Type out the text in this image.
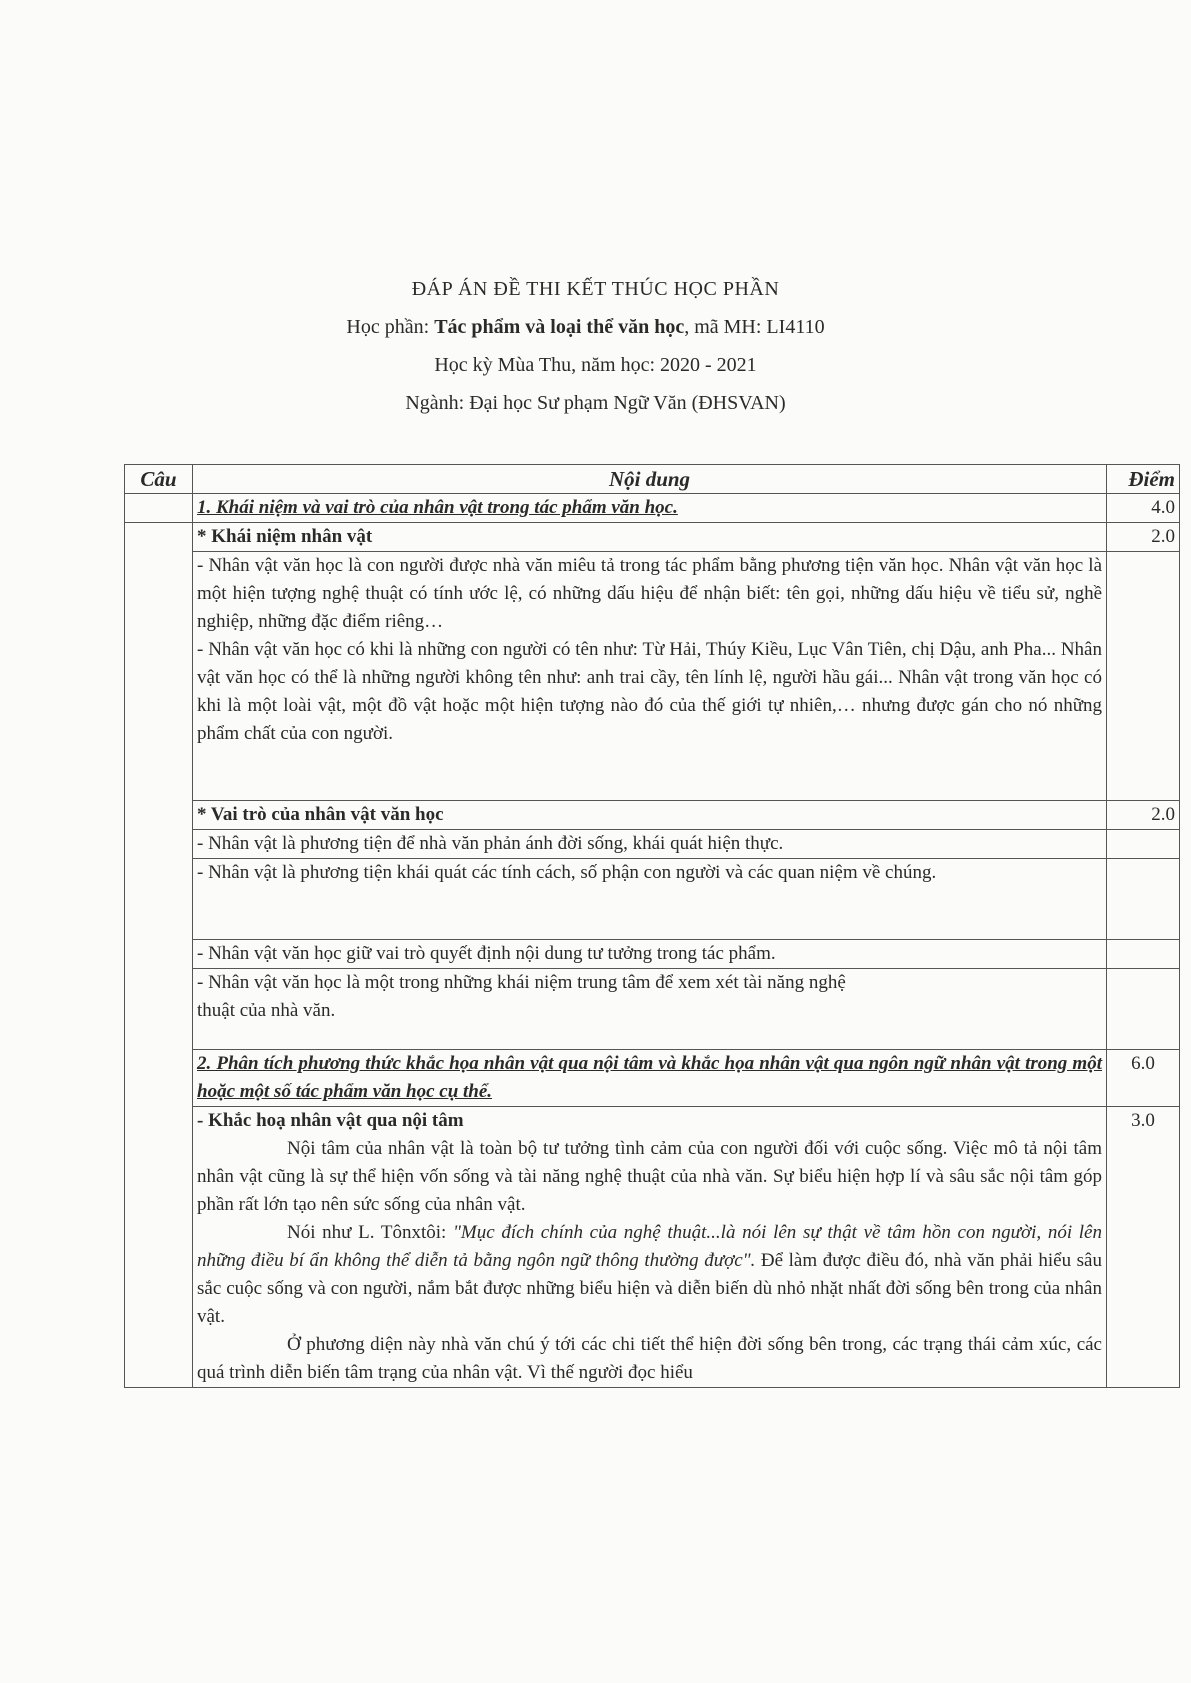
ĐÁP ÁN ĐỀ THI KẾT THÚC HỌC PHẦN
Học phần: Tác phẩm và loại thể văn học, mã MH: LI4110
Học kỳ Mùa Thu, năm học: 2020 - 2021
Ngành: Đại học Sư phạm Ngữ Văn (ĐHSVAN)
Câu	Nội dung	Điểm
	1. Khái niệm và vai trò của nhân vật trong tác phẩm văn học.	4.0
	* Khái niệm nhân vật	2.0

	- Nhân vật văn học là con người được nhà văn miêu tả trong tác phẩm bằng phương tiện văn học. Nhân vật văn học là một hiện tượng nghệ thuật có tính ước lệ, có những dấu hiệu để nhận biết: tên gọi, những dấu hiệu về tiểu sử, nghề nghiệp, những đặc điểm riêng…
- Nhân vật văn học có khi là những con người có tên như: Từ Hải, Thúy Kiều, Lục Vân Tiên, chị Dậu, anh Pha... Nhân vật văn học có thể là những người không tên như: anh trai cầy, tên lính lệ, người hầu gái... Nhân vật trong văn học có khi là một loài vật, một đồ vật hoặc một hiện tượng nào đó của thế giới tự nhiên,… nhưng được gán cho nó những phẩm chất của con người.	

	* Vai trò của nhân vật văn học	2.0
	- Nhân vật là phương tiện để nhà văn phản ánh đời sống, khái quát hiện thực.	
	- Nhân vật là phương tiện khái quát các tính cách, số phận con người và các quan niệm về chúng.	
	- Nhân vật văn học giữ vai trò quyết định nội dung tư tưởng trong tác phẩm.	

	- Nhân vật văn học là một trong những khái niệm trung tâm để xem xét tài năng nghệ
thuật của nhà văn.	

	2. Phân tích phương thức khắc họa nhân vật qua nội tâm và khắc họa nhân vật qua ngôn ngữ nhân vật trong một hoặc một số tác phẩm văn học cụ thể.	6.0

	- Khắc hoạ nhân vật qua nội tâm
Nội tâm của nhân vật là toàn bộ tư tưởng tình cảm của con người đối với cuộc sống. Việc mô tả nội tâm nhân vật cũng là sự thể hiện vốn sống và tài năng nghệ thuật của nhà văn. Sự biểu hiện hợp lí và sâu sắc nội tâm góp phần rất lớn tạo nên sức sống của nhân vật.
Nói như L. Tônxtôi: "Mục đích chính của nghệ thuật...là nói lên sự thật về tâm hồn con người, nói lên những điều bí ẩn không thể diễn tả bằng ngôn ngữ thông thường được". Để làm được điều đó, nhà văn phải hiểu sâu sắc cuộc sống và con người, nắm bắt được những biểu hiện và diễn biến dù nhỏ nhặt nhất đời sống bên trong của nhân vật.
Ở phương diện này nhà văn chú ý tới các chi tiết thể hiện đời sống bên trong, các trạng thái cảm xúc, các quá trình diễn biến tâm trạng của nhân vật. Vì thế người đọc hiểu	3.0
